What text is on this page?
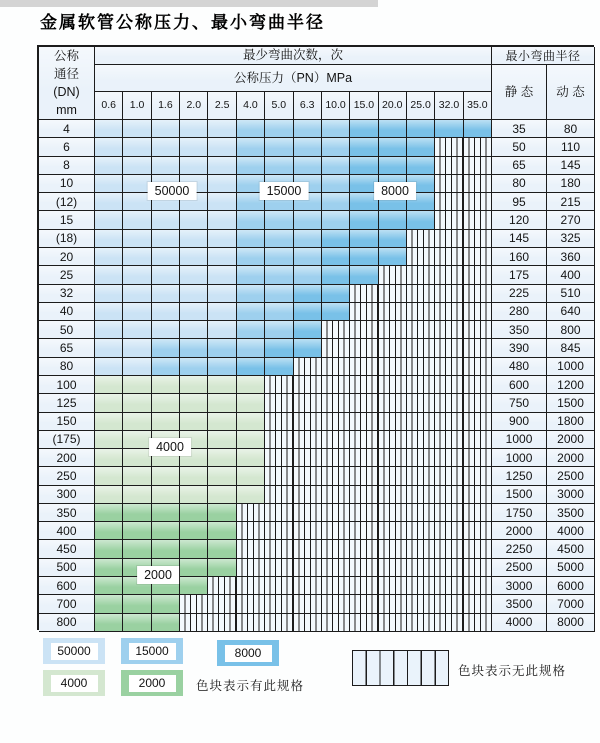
金属软管公称压力、最小弯曲半径
公称
通径
(DN)
mm
最少弯曲次数，次	最小弯曲半径
公称压力（PN）MPa
静 态	动 态
0.6	1.0	1.6	2.0	2.5	4.0	5.0	6.3	10.0 15.0 20.0 25.0 32.0 35.0
4	35	80
6	50	110
8	65	145
10	80	180
(12)	95	215
15	120	270
(18)	145	325
20	160	360
25	175	400
32	225	510
40	280	640
50	350	800
65	390	845
80	480	1000
100	600	1200
125	750	1500
150	900	1800
(175)	1000	2000
200	1000	2000
250	1250	2500
300	1500	3000
350	1750	3500
400	2000	4000
450	2250	4500
500	2500	5000
600	3000	6000
700	3500	7000
800	4000	8000
50000	15000	8000
4000
2000
50000	15000	8000
4000	2000	色块表示有此规格
色块表示无此规格
